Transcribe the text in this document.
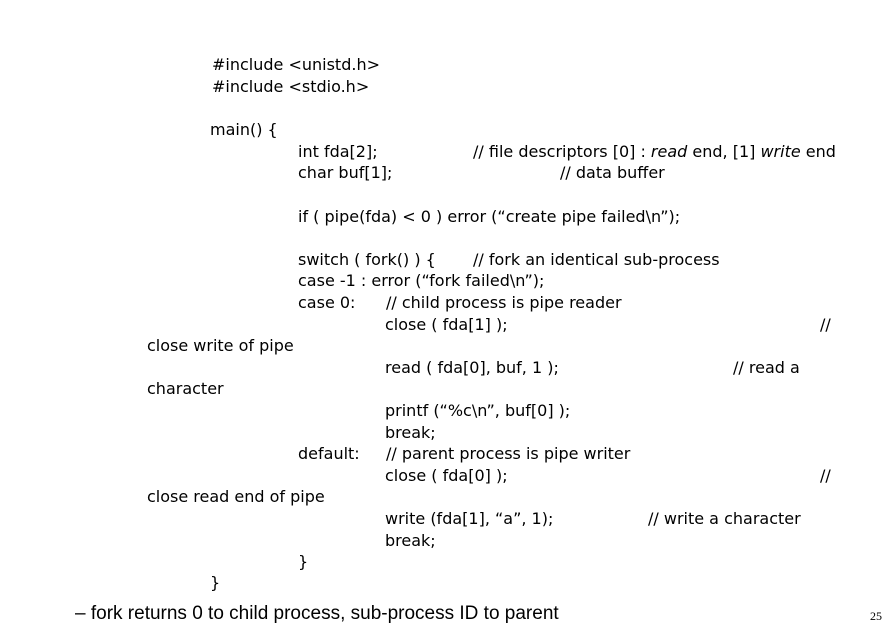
#include <unistd.h>
#include <stdio.h>
main() {
int fda[2];	// file descriptors [0] : read end, [1] write end
char buf[1];	// data buffer
if ( pipe(fda) < 0 ) error (“create pipe failed\n”);
switch ( fork() ) { // fork an identical sub-process
case -1 : error (“fork failed\n”);
case 0: // child process is pipe reader
close ( fda[1] );	//
close write of pipe
read ( fda[0], buf, 1 );	// read a
character
printf (“%c\n”, buf[0] );
break;
default: // parent process is pipe writer
close ( fda[0] );	//
close read end of pipe
write (fda[1], “a”, 1);	// write a character
break;
}
}
– fork returns 0 to child process, sub-process ID to parent	25
